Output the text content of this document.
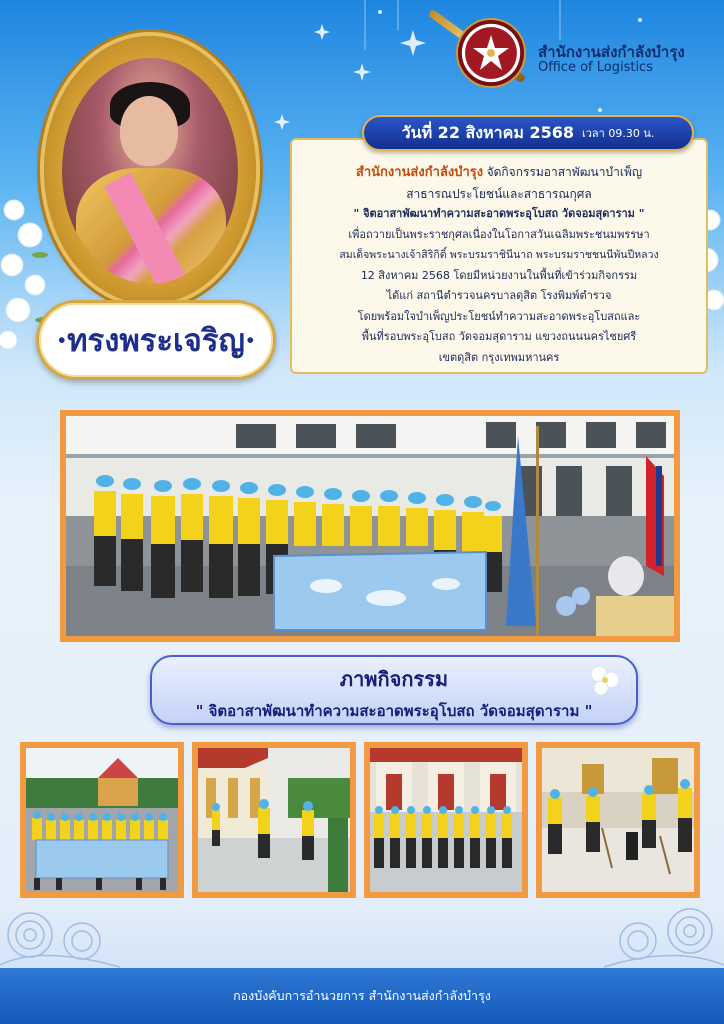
สำนักงานส่งกำลังบำรุง
Office of Logistics
·ทรงพระเจริญ·

สำนักงานส่งกำลังบำรุง จัดกิจกรรมอาสาพัฒนาบำเพ็ญ

สาธารณประโยชน์และสาธารณกุศล

" จิตอาสาพัฒนาทำความสะอาดพระอุโบสถ วัดจอมสุดาราม "

เพื่อถวายเป็นพระราชกุศลเนื่องในโอกาสวันเฉลิมพระชนมพรรษา

สมเด็จพระนางเจ้าสิริกิติ์ พระบรมราชินีนาถ พระบรมราชชนนีพันปีหลวง

12 สิงหาคม 2568 โดยมีหน่วยงานในพื้นที่เข้าร่วมกิจกรรม

ได้แก่ สถานีตำรวจนครบาลดุสิต โรงพิมพ์ตำรวจ

โดยพร้อมใจบำเพ็ญประโยชน์ทำความสะอาดพระอุโบสถและ

พื้นที่รอบพระอุโบสถ วัดจอมสุดาราม แขวงถนนนครไชยศรี

เขตดุสิต กรุงเทพมหานคร

วันที่ 22 สิงหาคม 2568 เวลา 09.30 น.
ภาพกิจกรรม
" จิตอาสาพัฒนาทำความสะอาดพระอุโบสถ วัดจอมสุดาราม "
กองบังคับการอำนวยการ สำนักงานส่งกำลังบำรุง
